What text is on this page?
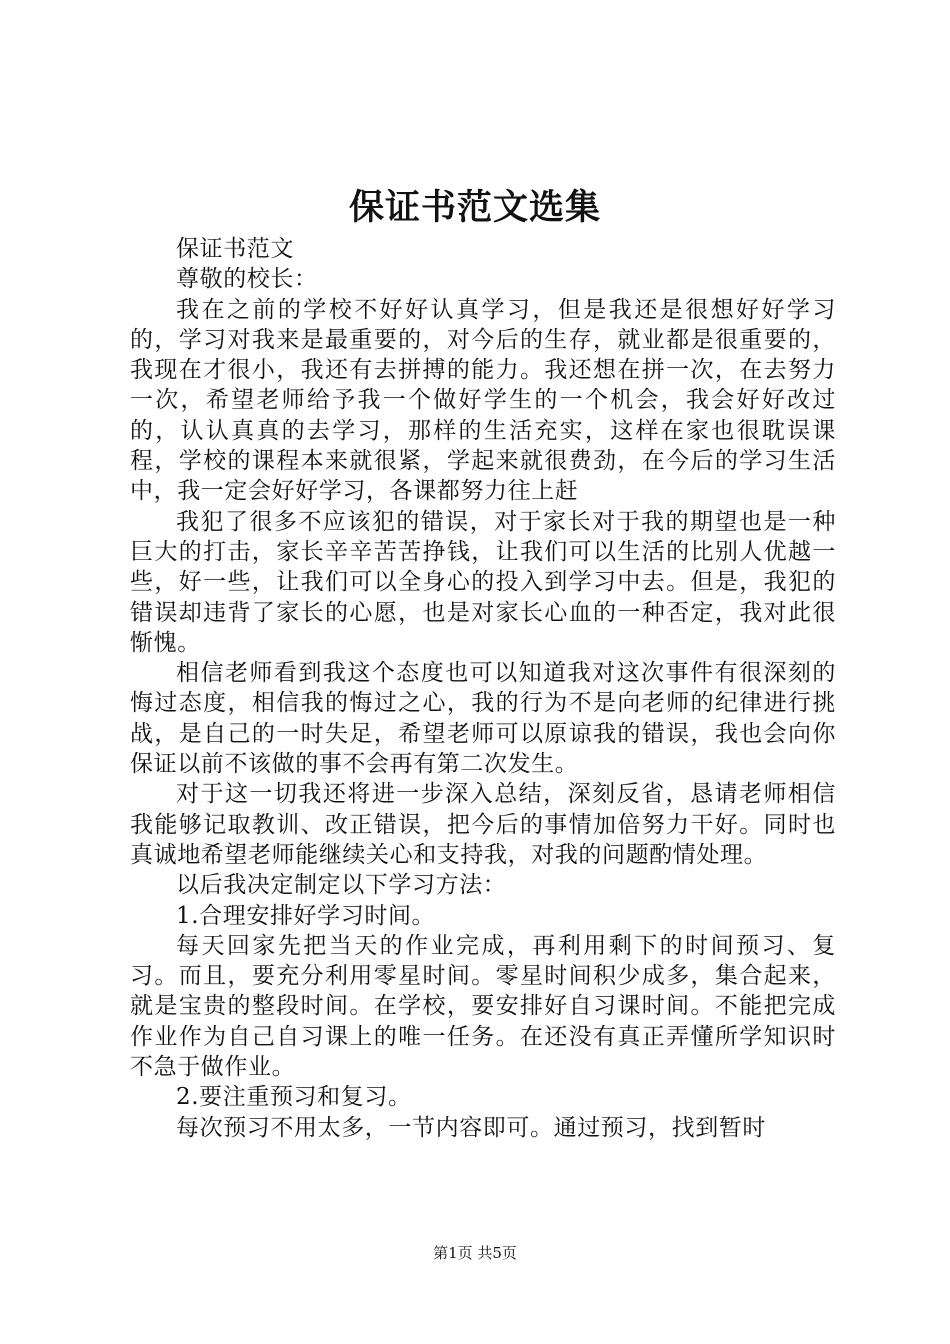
保证书范文选集

保证书范文

尊敬的校长：

我在之前的学校不好好认真学习，但是我还是很想好好学习的，学习对我来是最重要的，对今后的生存，就业都是很重要的，我现在才很小，我还有去拼搏的能力。我还想在拼一次，在去努力一次，希望老师给予我一个做好学生的一个机会，我会好好改过的，认认真真的去学习，那样的生活充实，这样在家也很耽误课程，学校的课程本来就很紧，学起来就很费劲，在今后的学习生活中，我一定会好好学习，各课都努力往上赶

我犯了很多不应该犯的错误，对于家长对于我的期望也是一种巨大的打击，家长辛辛苦苦挣钱，让我们可以生活的比别人优越一些，好一些，让我们可以全身心的投入到学习中去。但是，我犯的错误却违背了家长的心愿，也是对家长心血的一种否定，我对此很惭愧。

相信老师看到我这个态度也可以知道我对这次事件有很深刻的悔过态度，相信我的悔过之心，我的行为不是向老师的纪律进行挑战，是自己的一时失足，希望老师可以原谅我的错误，我也会向你保证以前不该做的事不会再有第二次发生。

对于这一切我还将进一步深入总结，深刻反省，恳请老师相信我能够记取教训、改正错误，把今后的事情加倍努力干好。同时也真诚地希望老师能继续关心和支持我，对我的问题酌情处理。

以后我决定制定以下学习方法：

1.合理安排好学习时间。

每天回家先把当天的作业完成，再利用剩下的时间预习、复习。而且，要充分利用零星时间。零星时间积少成多，集合起来，就是宝贵的整段时间。在学校，要安排好自习课时间。不能把完成作业作为自己自习课上的唯一任务。在还没有真正弄懂所学知识时不急于做作业。

2.要注重预习和复习。

每次预习不用太多，一节内容即可。通过预习，找到暂时

第1页 共5页
